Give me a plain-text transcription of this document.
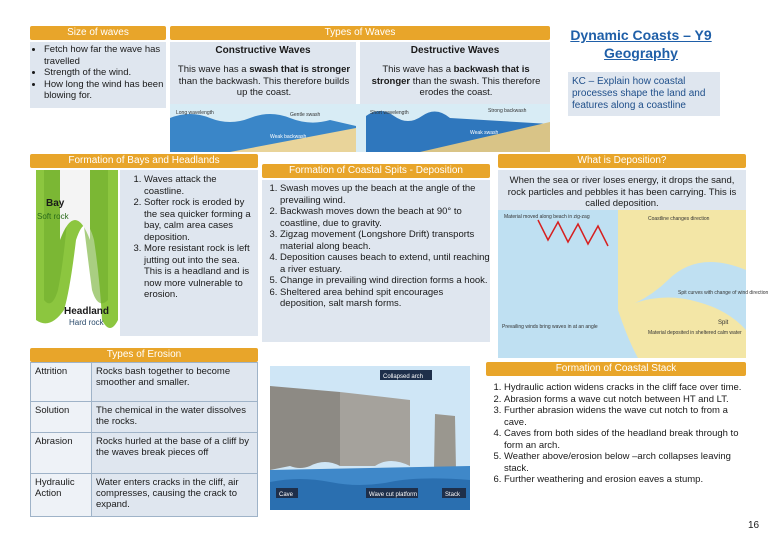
Size of waves
• Fetch how far the wave has travelled
• Strength of the wind.
• How long the wind has been blowing for.
Types of Waves
Constructive Waves
This wave has a swash that is stronger than the backwash. This therefore builds up the coast.
Destructive Waves
This wave has a backwash that is stronger than the swash. This therefore erodes the coast.
Long wavelength	Gentle swash
Weak backwash
Short wavelength	Strong backwash
Weak swash
Dynamic Coasts – Y9 Geography
KC – Explain how coastal processes shape the land and features along a coastline
Formation of Bays and Headlands
Bay
Soft rock
Headland
Hard rock
1. Waves attack the coastline.
2. Softer rock is eroded by the sea quicker forming a bay, calm area cases deposition.
3. More resistant rock is left jutting out into the sea. This is a headland and is now more vulnerable to erosion.
Formation of Coastal Spits - Deposition
1. Swash moves up the beach at the angle of the prevailing wind.
2. Backwash moves down the beach at 90° to coastline, due to gravity.
3. Zigzag movement (Longshore Drift) transports material along beach.
4. Deposition causes beach to extend, until reaching a river estuary.
5. Change in prevailing wind direction forms a hook.
6. Sheltered area behind spit encourages deposition, salt marsh forms.
What is Deposition?
When the sea or river loses energy, it drops the sand, rock particles and pebbles it has been carrying. This is called deposition.
Material moved along beach in zig-zag	Coastline changes direction
Prevailing winds bring waves in at an angle
Spit curves with change of wind direction
Material deposited in sheltered calm water
Spit
Types of Erosion
Attrition	Rocks bash together to become smoother and smaller.
Solution	The chemical in the water dissolves the rocks.
Abrasion	Rocks hurled at the base of a cliff by the waves break pieces off
Hydraulic Action	Water enters cracks in the cliff, air compresses, causing the crack to expand.
Collapsed arch
Cave	Wave cut platform	Stack
Formation of Coastal Stack
1. Hydraulic action widens cracks in the cliff face over time.
2. Abrasion forms a wave cut notch between HT and LT.
3. Further abrasion widens the wave cut notch to from a cave.
4. Caves from both sides of the headland break through to form an arch.
5. Weather above/erosion below –arch collapses leaving stack.
6. Further weathering and erosion eaves a stump.
16
